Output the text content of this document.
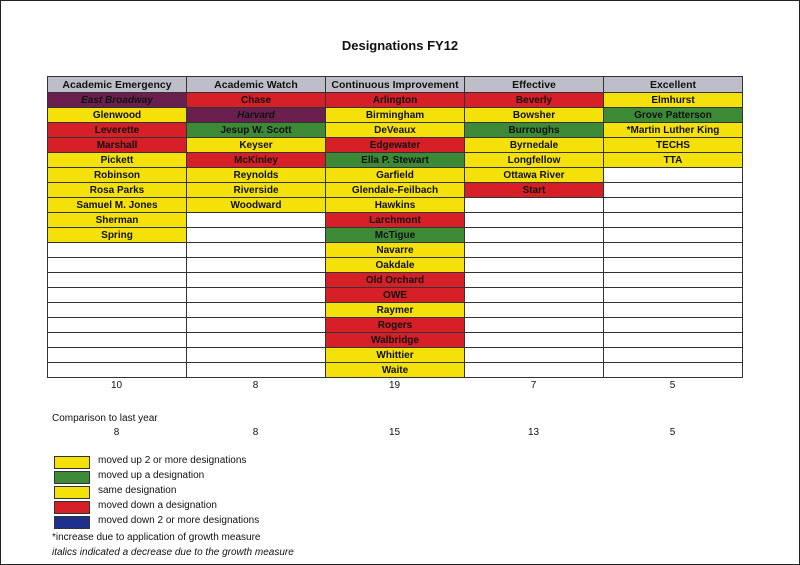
Designations FY12
Academic Emergency	Academic Watch	Continuous Improvement	Effective	Excellent
East Broadway	Chase	Arlington	Beverly	Elmhurst
Glenwood	Harvard	Birmingham	Bowsher	Grove Patterson
Leverette	Jesup W. Scott	DeVeaux	Burroughs	*Martin Luther King
Marshall	Keyser	Edgewater	Byrnedale	TECHS
Pickett	McKinley	Ella P. Stewart	Longfellow	TTA
Robinson	Reynolds	Garfield	Ottawa River	
Rosa Parks	Riverside	Glendale-Feilbach	Start	
Samuel M. Jones	Woodward	Hawkins		
Sherman		Larchmont		
Spring		McTigue		
		Navarre		
		Oakdale		
		Old Orchard		
		OWE		
		Raymer		
		Rogers		
		Walbridge		
		Whittier		
		Waite		
10	8	19	7	5
Comparison to last year
8	8	15	13	5
moved up 2 or more designations
moved up a designation
same designation
moved down a designation
moved down 2 or more designations
*increase due to application of growth measure
italics indicated a decrease due to the growth measure
